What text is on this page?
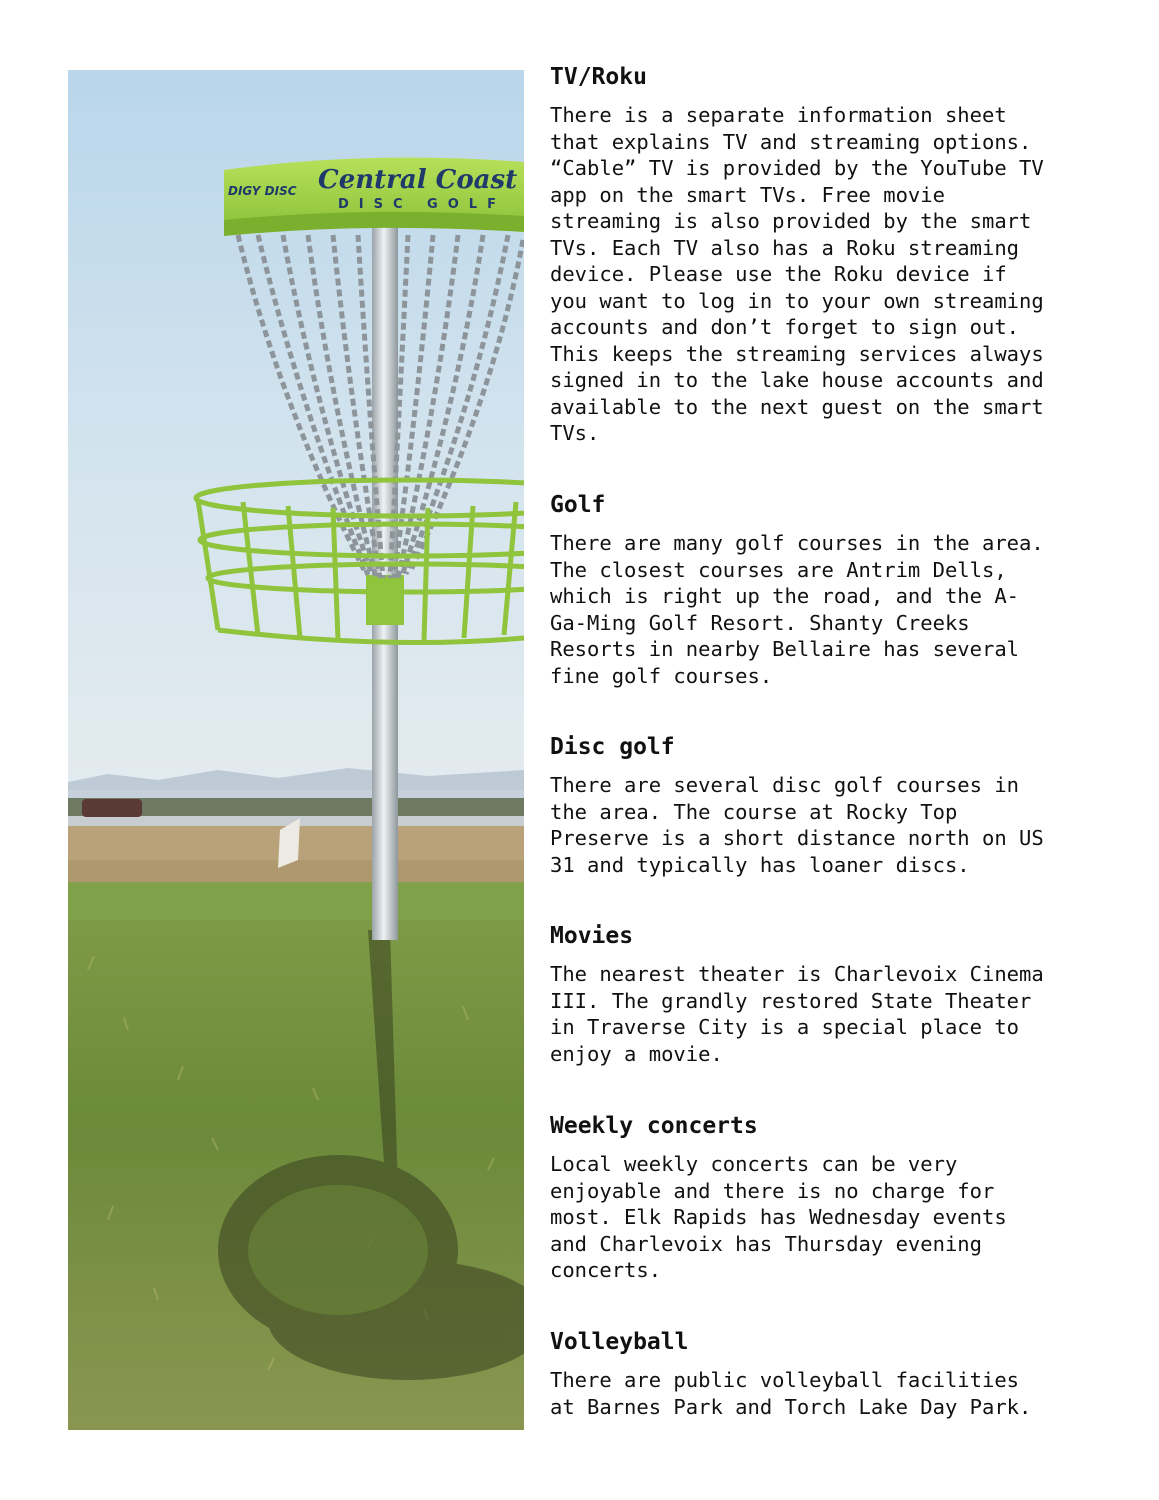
Central Coast
DISC GOLF
DIGY DISC
TV/Roku

There is a separate information sheet
that explains TV and streaming options.
“Cable” TV is provided by the YouTube TV
app on the smart TVs. Free movie
streaming is also provided by the smart
TVs. Each TV also has a Roku streaming
device. Please use the Roku device if
you want to log in to your own streaming
accounts and don’t forget to sign out.
This keeps the streaming services always
signed in to the lake house accounts and
available to the next guest on the smart
TVs.

Golf

There are many golf courses in the area.
The closest courses are Antrim Dells,
which is right up the road, and the A-
Ga-Ming Golf Resort. Shanty Creeks
Resorts in nearby Bellaire has several
fine golf courses.

Disc golf

There are several disc golf courses in
the area. The course at Rocky Top
Preserve is a short distance north on US
31 and typically has loaner discs.

Movies

The nearest theater is Charlevoix Cinema
III. The grandly restored State Theater
in Traverse City is a special place to
enjoy a movie.

Weekly concerts

Local weekly concerts can be very
enjoyable and there is no charge for
most. Elk Rapids has Wednesday events
and Charlevoix has Thursday evening
concerts.

Volleyball

There are public volleyball facilities
at Barnes Park and Torch Lake Day Park.
